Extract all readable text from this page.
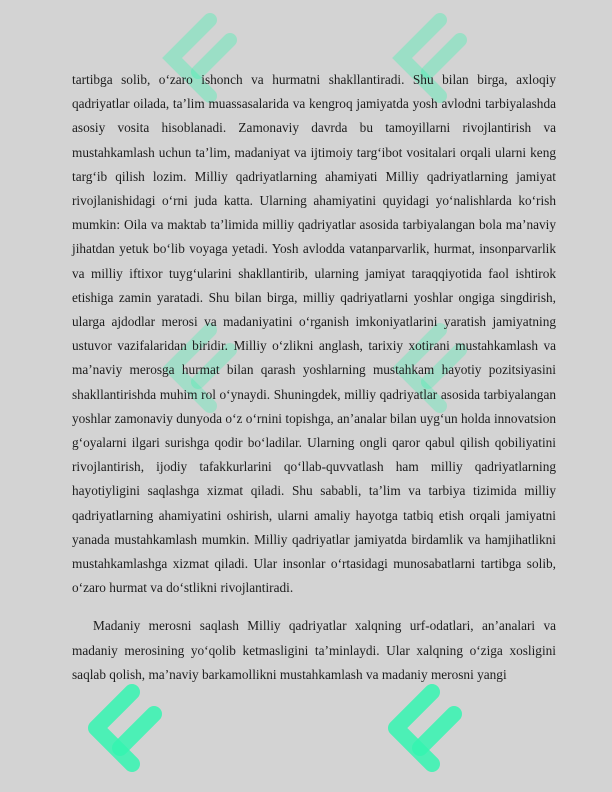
tartibga solib, o‘zaro ishonch va hurmatni shakllantiradi. Shu bilan birga, axloqiy qadriyatlar oilada, ta’lim muassasalarida va kengroq jamiyatda yosh avlodni tarbiyalashda asosiy vosita hisoblanadi. Zamonaviy davrda bu tamoyillarni rivojlantirish va mustahkamlash uchun ta’lim, madaniyat va ijtimoiy targ‘ibot vositalari orqali ularni keng targ‘ib qilish lozim. Milliy qadriyatlarning ahamiyati Milliy qadriyatlarning jamiyat rivojlanishidagi o‘rni juda katta. Ularning ahamiyatini quyidagi yo‘nalishlarda ko‘rish mumkin: Oila va maktab ta’limida milliy qadriyatlar asosida tarbiyalangan bola ma’naviy jihatdan yetuk bo‘lib voyaga yetadi. Yosh avlodda vatanparvarlik, hurmat, insonparvarlik va milliy iftixor tuyg‘ularini shakllantirib, ularning jamiyat taraqqiyotida faol ishtirok etishiga zamin yaratadi. Shu bilan birga, milliy qadriyatlarni yoshlar ongiga singdirish, ularga ajdodlar merosi va madaniyatini o‘rganish imkoniyatlarini yaratish jamiyatning ustuvor vazifalaridan biridir. Milliy o‘zlikni anglash, tarixiy xotirani mustahkamlash va ma’naviy merosga hurmat bilan qarash yoshlarning mustahkam hayotiy pozitsiyasini shakllantirishda muhim rol o‘ynaydi. Shuningdek, milliy qadriyatlar asosida tarbiyalangan yoshlar zamonaviy dunyoda o‘z o‘rnini topishga, an’analar bilan uyg‘un holda innovatsion g‘oyalarni ilgari surishga qodir bo‘ladilar. Ularning ongli qaror qabul qilish qobiliyatini rivojlantirish, ijodiy tafakkurlarini qo‘llab-quvvatlash ham milliy qadriyatlarning hayotiyligini saqlashga xizmat qiladi. Shu sababli, ta’lim va tarbiya tizimida milliy qadriyatlarning ahamiyatini oshirish, ularni amaliy hayotga tatbiq etish orqali jamiyatni yanada mustahkamlash mumkin. Milliy qadriyatlar jamiyatda birdamlik va hamjihatlikni mustahkamlashga xizmat qiladi. Ular insonlar o‘rtasidagi munosabatlarni tartibga solib, o‘zaro hurmat va do‘stlikni rivojlantiradi.

Madaniy merosni saqlash Milliy qadriyatlar xalqning urf-odatlari, an’analari va madaniy merosining yo‘qolib ketmasligini ta’minlaydi. Ular xalqning o‘ziga xosligini saqlab qolish, ma’naviy barkamollikni mustahkamlash va madaniy merosni yangi
